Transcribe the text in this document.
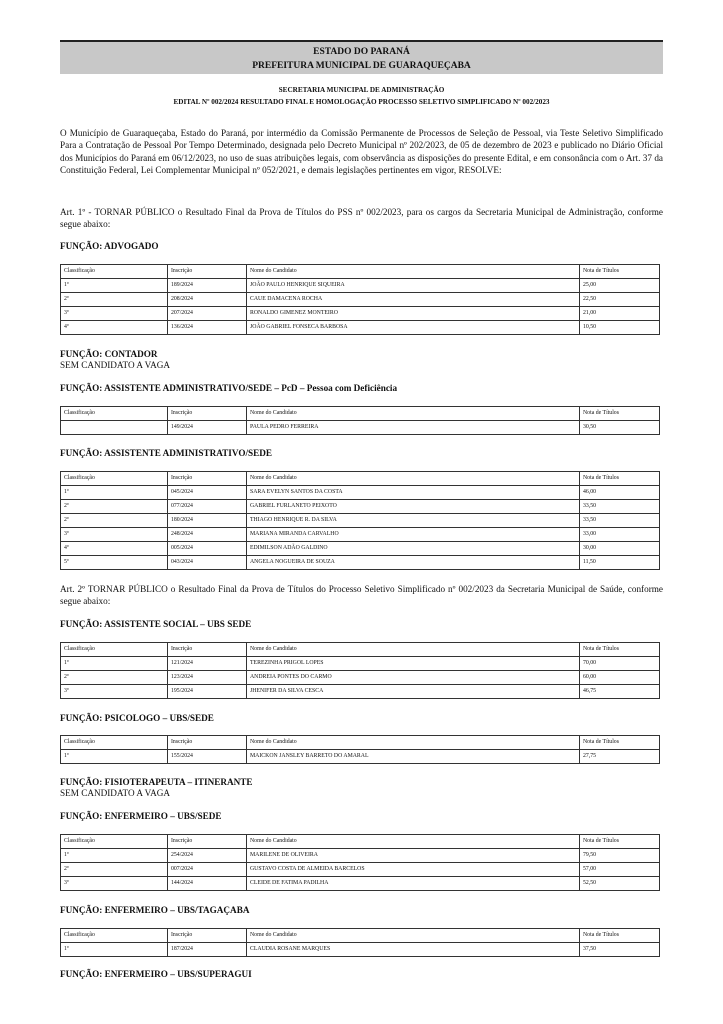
ESTADO DO PARANÁ
PREFEITURA MUNICIPAL DE GUARAQUEÇABA
SECRETARIA MUNICIPAL DE ADMINISTRAÇÃO
EDITAL Nº 002/2024 RESULTADO FINAL E HOMOLOGAÇÃO PROCESSO SELETIVO SIMPLIFICADO Nº 002/2023
O Município de Guaraqueçaba, Estado do Paraná, por intermédio da Comissão Permanente de Processos de Seleção de Pessoal, via Teste Seletivo Simplificado Para a Contratação de Pessoal Por Tempo Determinado, designada pelo Decreto Municipal nº 202/2023, de 05 de dezembro de 2023 e publicado no Diário Oficial dos Municípios do Paraná em 06/12/2023, no uso de suas atribuições legais, com observância as disposições do presente Edital, e em consonância com o Art. 37 da Constituição Federal, Lei Complementar Municipal nº 052/2021, e demais legislações pertinentes em vigor, RESOLVE:
Art. 1º - TORNAR PÚBLICO o Resultado Final da Prova de Títulos do PSS nº 002/2023, para os cargos da Secretaria Municipal de Administração, conforme segue abaixo:
FUNÇÃO: ADVOGADO
Classificação	Inscrição	Nome do Candidato	Nota de Títulos
1º	189/2024	JOÃO PAULO HENRIQUE SIQUEIRA	25,00
2º	208/2024	CAUE DAMACENA ROCHA	22,50
3º	207/2024	RONALDO GIMENEZ MONTEIRO	21,00
4º	136/2024	JOÃO GABRIEL FONSECA BARBOSA	10,50
FUNÇÃO: CONTADOR
SEM CANDIDATO A VAGA
FUNÇÃO: ASSISTENTE ADMINISTRATIVO/SEDE – PcD – Pessoa com Deficiência
Classificação	Inscrição	Nome do Candidato	Nota de Títulos
	149/2024	PAULA PEDRO FERREIRA	30,50
FUNÇÃO: ASSISTENTE ADMINISTRATIVO/SEDE
Classificação	Inscrição	Nome do Candidato	Nota de Títulos
1º	045/2024	SARA EVELYN SANTOS DA COSTA	46,00
2º	077/2024	GABRIEL FURLANETO PEIXOTO	33,50
2º	180/2024	THIAGO HENRIQUE R. DA SILVA	33,50
3º	248/2024	MARIANA MIRANDA CARVALHO	33,00
4º	005/2024	EDIMILSON ADÃO GALDINO	30,00
5º	043/2024	ANGELA NOGUEIRA DE SOUZA	11,50
Art. 2º TORNAR PÚBLICO o Resultado Final da Prova de Títulos do Processo Seletivo Simplificado nº 002/2023 da Secretaria Municipal de Saúde, conforme segue abaixo:
FUNÇÃO: ASSISTENTE SOCIAL – UBS SEDE
Classificação	Inscrição	Nome do Candidato	Nota de Títulos
1º	121/2024	TEREZINHA PRIGOL LOPES	70,00
2º	123/2024	ANDREIA PONTES DO CARMO	60,00
3º	195/2024	JHENIFER DA SILVA CESCA	46,75
FUNÇÃO: PSICOLOGO – UBS/SEDE
Classificação	Inscrição	Nome do Candidato	Nota de Títulos
1º	155/2024	MAICKON JANSLEY BARRETO DO AMARAL	27,75
FUNÇÃO: FISIOTERAPEUTA – ITINERANTE
SEM CANDIDATO A VAGA
FUNÇÃO: ENFERMEIRO – UBS/SEDE
Classificação	Inscrição	Nome do Candidato	Nota de Títulos
1º	254/2024	MARILENE DE OLIVEIRA	79,50
2º	007/2024	GUSTAVO COSTA DE ALMEIDA BARCELOS	57,00
3º	144/2024	CLEIDE DE FATIMA PADILHA	52,50
FUNÇÃO: ENFERMEIRO – UBS/TAGAÇABA
Classificação	Inscrição	Nome do Candidato	Nota de Títulos
1º	187/2024	CLAUDIA ROSANE MARQUES	37,50
FUNÇÃO: ENFERMEIRO – UBS/SUPERAGUI
